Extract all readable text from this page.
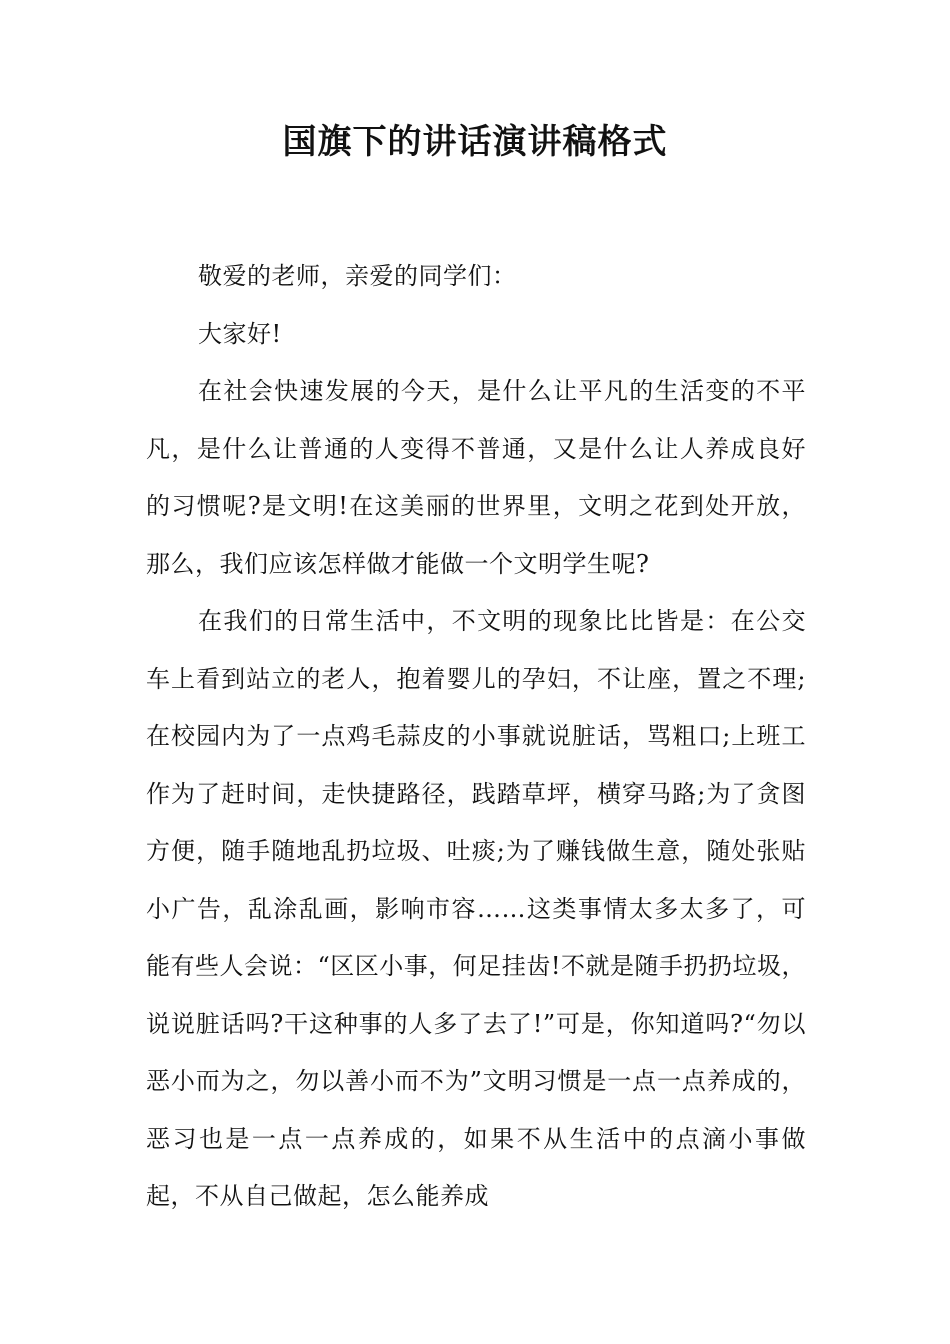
国旗下的讲话演讲稿格式

敬爱的老师，亲爱的同学们：

大家好!

在社会快速发展的今天，是什么让平凡的生活变的不平凡，是什么让普通的人变得不普通，又是什么让人养成良好的习惯呢?是文明!在这美丽的世界里，文明之花到处开放，那么，我们应该怎样做才能做一个文明学生呢?

在我们的日常生活中，不文明的现象比比皆是：在公交车上看到站立的老人，抱着婴儿的孕妇，不让座，置之不理;在校园内为了一点鸡毛蒜皮的小事就说脏话，骂粗口;上班工作为了赶时间，走快捷路径，践踏草坪，横穿马路;为了贪图方便，随手随地乱扔垃圾、吐痰;为了赚钱做生意，随处张贴小广告，乱涂乱画，影响市容……这类事情太多太多了，可能有些人会说：“区区小事，何足挂齿!不就是随手扔扔垃圾，说说脏话吗?干这种事的人多了去了!”可是，你知道吗?“勿以恶小而为之，勿以善小而不为”文明习惯是一点一点养成的，恶习也是一点一点养成的，如果不从生活中的点滴小事做起，不从自己做起，怎么能养成
